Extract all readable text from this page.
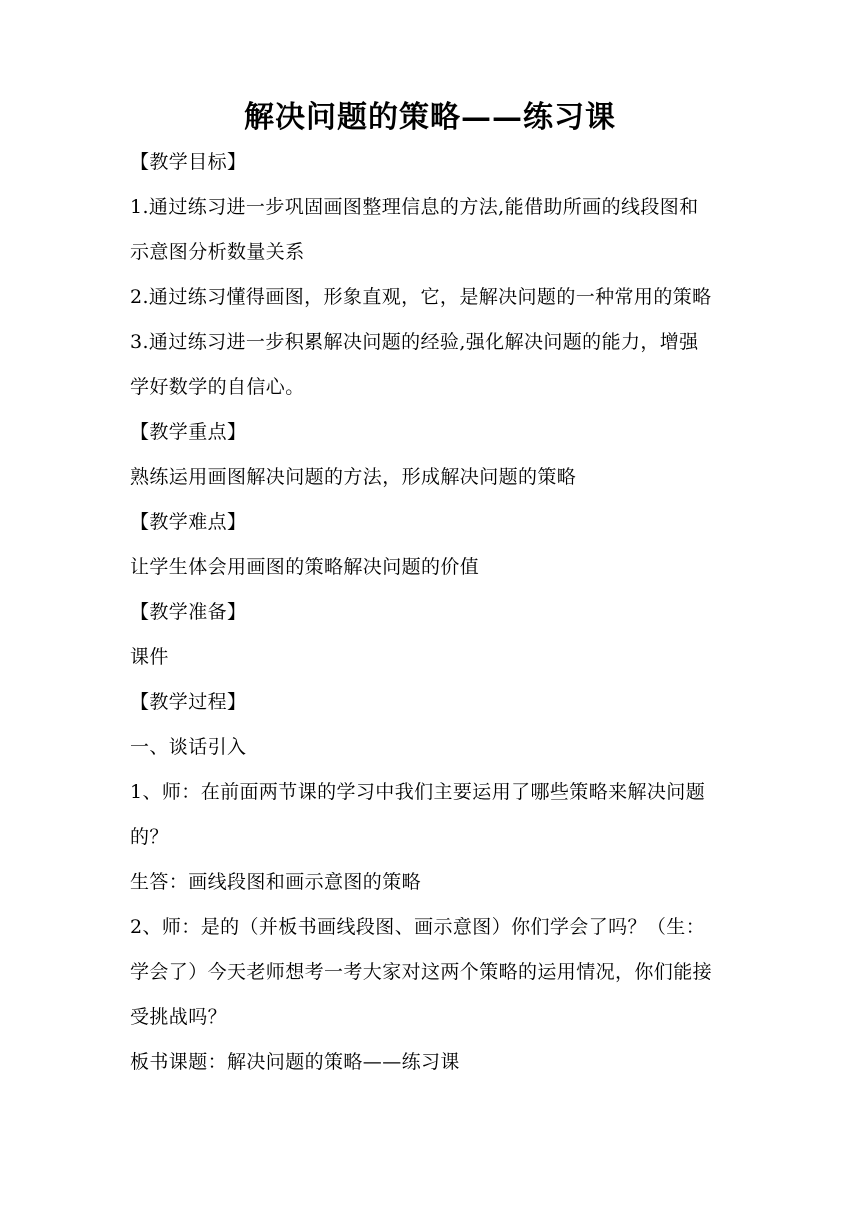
解决问题的策略——练习课
【教学目标】
1.通过练习进一步巩固画图整理信息的方法,能借助所画的线段图和
示意图分析数量关系
2.通过练习懂得画图，形象直观，它，是解决问题的一种常用的策略
3.通过练习进一步积累解决问题的经验,强化解决问题的能力，增强
学好数学的自信心。
【教学重点】
熟练运用画图解决问题的方法，形成解决问题的策略
【教学难点】
让学生体会用画图的策略解决问题的价值
【教学准备】
课件
【教学过程】
一、谈话引入
1、师：在前面两节课的学习中我们主要运用了哪些策略来解决问题
的？
生答：画线段图和画示意图的策略
2、师：是的（并板书画线段图、画示意图）你们学会了吗？（生：
学会了）今天老师想考一考大家对这两个策略的运用情况，你们能接
受挑战吗？
板书课题：解决问题的策略——练习课
